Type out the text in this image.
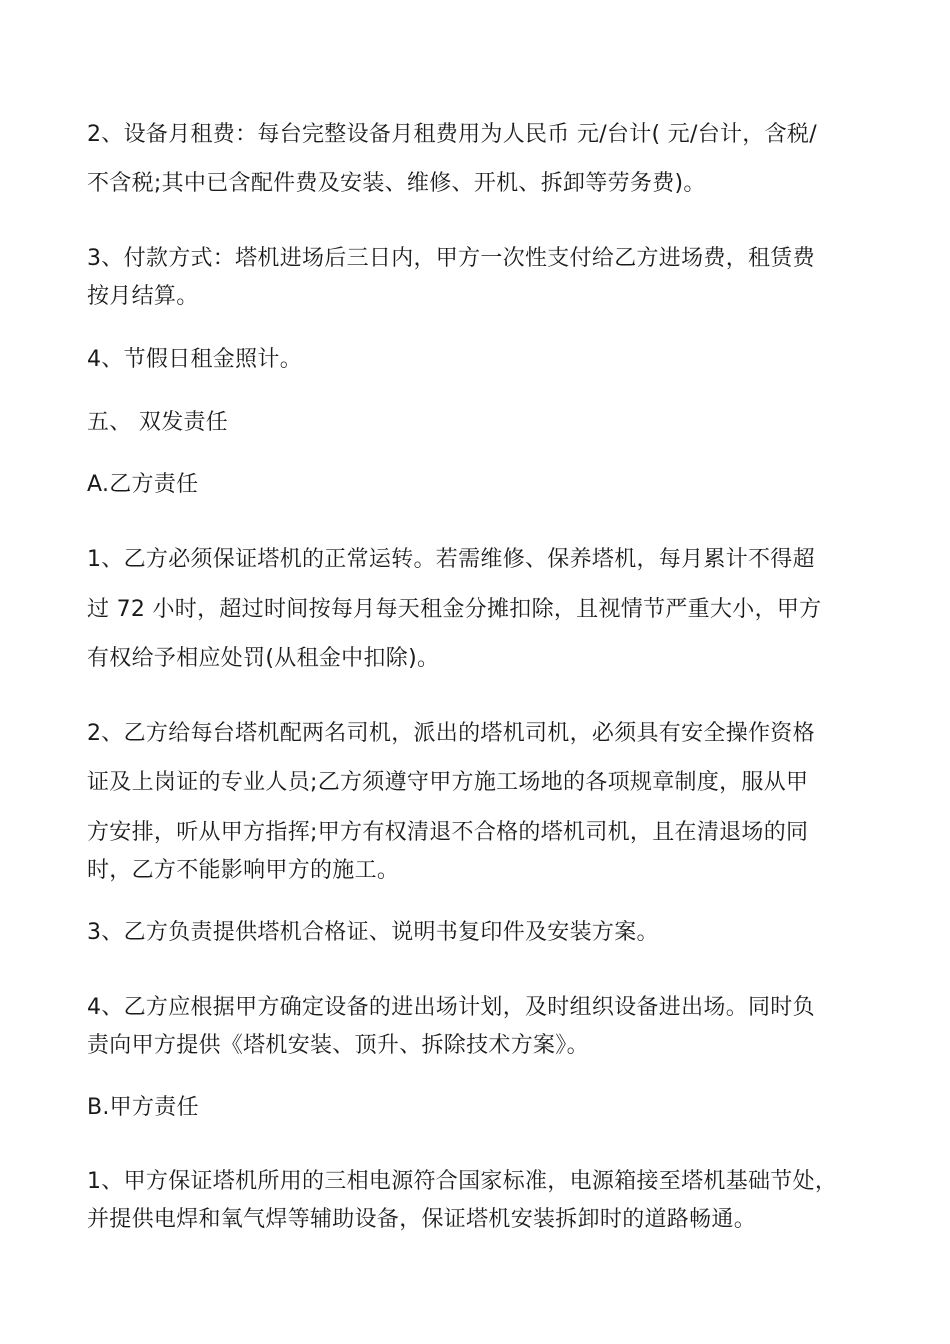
2、设备月租费：每台完整设备月租费用为人民币 元/台计( 元/台计，含税/
不含税;其中已含配件费及安装、维修、开机、拆卸等劳务费)。
3、付款方式：塔机进场后三日内，甲方一次性支付给乙方进场费，租赁费
按月结算。
4、节假日租金照计。
五、 双发责任
A.乙方责任
1、乙方必须保证塔机的正常运转。若需维修、保养塔机，每月累计不得超
过 72 小时，超过时间按每月每天租金分摊扣除，且视情节严重大小，甲方
有权给予相应处罚(从租金中扣除)。
2、乙方给每台塔机配两名司机，派出的塔机司机，必须具有安全操作资格
证及上岗证的专业人员;乙方须遵守甲方施工场地的各项规章制度，服从甲
方安排，听从甲方指挥;甲方有权清退不合格的塔机司机，且在清退场的同
时，乙方不能影响甲方的施工。
3、乙方负责提供塔机合格证、说明书复印件及安装方案。
4、乙方应根据甲方确定设备的进出场计划，及时组织设备进出场。同时负
责向甲方提供《塔机安装、顶升、拆除技术方案》。
B.甲方责任
1、甲方保证塔机所用的三相电源符合国家标准，电源箱接至塔机基础节处，
并提供电焊和氧气焊等辅助设备，保证塔机安装拆卸时的道路畅通。
